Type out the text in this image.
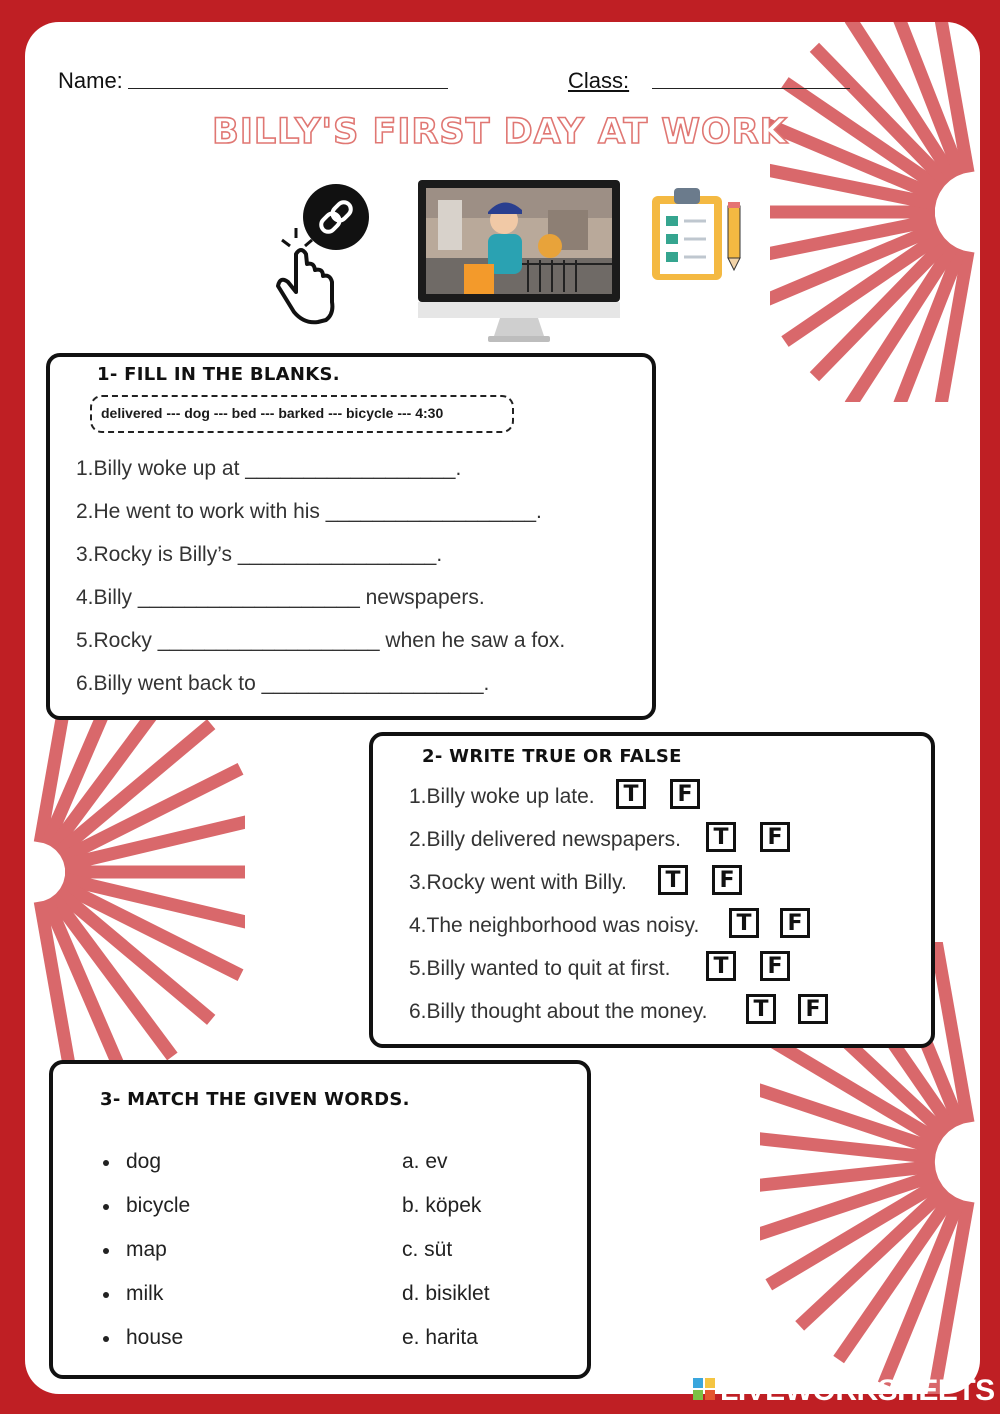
Name:	Class:
BILLY'S FIRST DAY AT WORK
1- FILL IN THE BLANKS.
delivered --- dog --- bed --- barked --- bicycle --- 4:30
1.Billy woke up at __________________.
2.He went to work with his __________________.
3.Rocky is Billy’s _________________.
4.Billy ___________________ newspapers.
5.Rocky ___________________ when he saw a fox.
6.Billy went back to ___________________.
2- WRITE TRUE OR FALSE
1.Billy woke up late.	T	F
2.Billy delivered newspapers.	T	F
3.Rocky went with Billy.	T	F
4.The neighborhood was noisy.	T	F
5.Billy wanted to quit at first.	T	F
6.Billy thought about the money.	T	F
3- MATCH THE GIVEN WORDS.
dog	a. ev
bicycle	b. köpek
map	c. süt
milk	d. bisiklet
house	e. harita
LIVEWORKSHEETS
